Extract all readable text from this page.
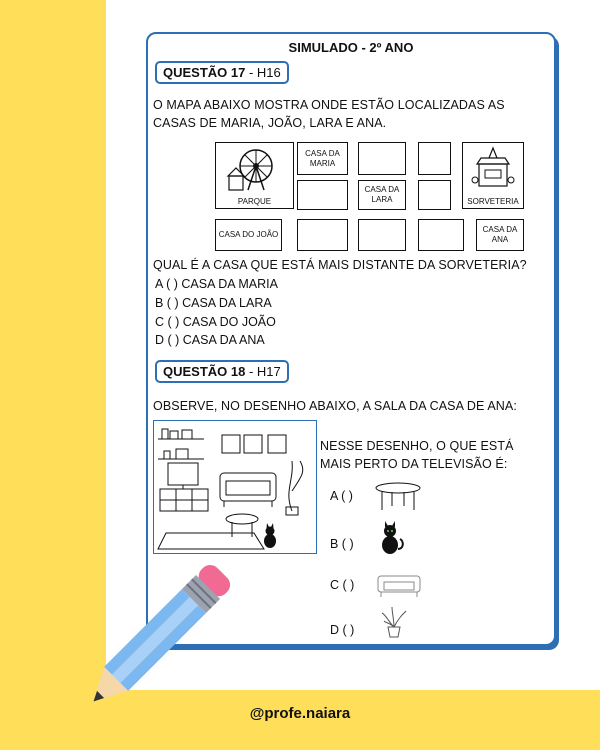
@profe.naiara
SIMULADO - 2º ANO
QUESTÃO 17 - H16
O MAPA ABAIXO MOSTRA ONDE ESTÃO LOCALIZADAS AS CASAS DE MARIA, JOÃO, LARA E ANA.
PARQUE
CASA DA MARIA
SORVETERIA
CASA DA LARA
CASA DO JOÃO
CASA DA ANA
QUAL É A CASA QUE ESTÁ MAIS DISTANTE DA SORVETERIA?
A ( ) CASA DA MARIA
B ( ) CASA DA LARA
C ( ) CASA DO JOÃO
D ( ) CASA DA ANA
QUESTÃO 18 - H17
OBSERVE, NO DESENHO ABAIXO, A SALA DA CASA DE ANA:
NESSE DESENHO, O QUE ESTÁ MAIS PERTO DA TELEVISÃO É:
A ( )
B ( )
C ( )
D ( )
